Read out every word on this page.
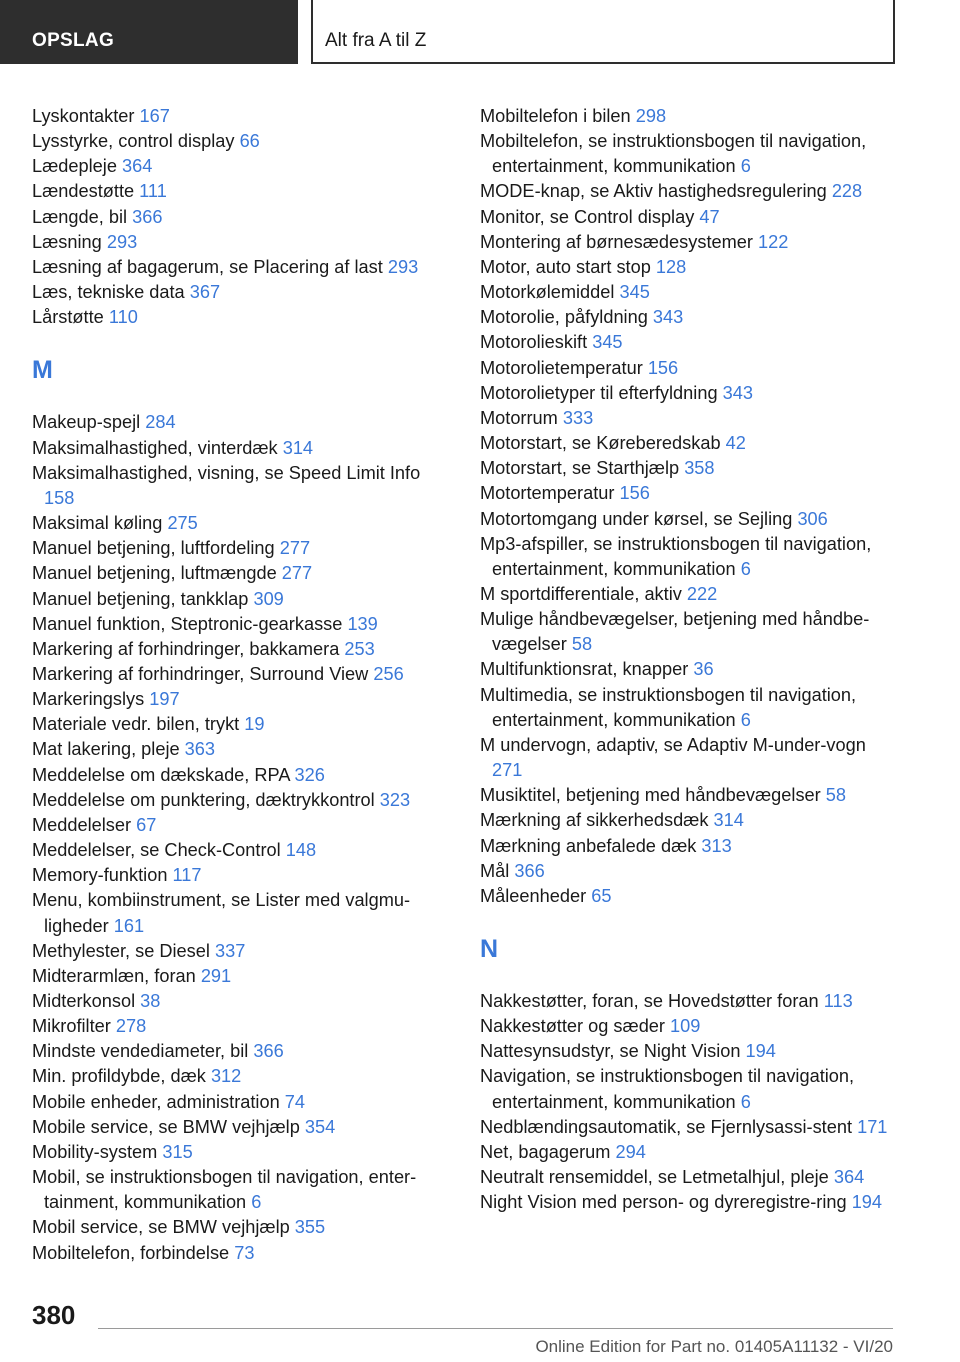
OPSLAG	Alt fra A til Z
Lyskontakter 167
Lysstyrke, control display 66
Lædepleje 364
Lændestøtte 111
Længde, bil 366
Læsning 293
Læsning af bagagerum, se Placering af last 293
Læs, tekniske data 367
Lårstøtte 110
M
Makeup-spejl 284
Maksimalhastighed, vinterdæk 314
Maksimalhastighed, visning, se Speed Limit Info 158
Maksimal køling 275
Manuel betjening, luftfordeling 277
Manuel betjening, luftmængde 277
Manuel betjening, tankklap 309
Manuel funktion, Steptronic-gearkasse 139
Markering af forhindringer, bakkamera 253
Markering af forhindringer, Surround View 256
Markeringslys 197
Materiale vedr. bilen, trykt 19
Mat lakering, pleje 363
Meddelelse om dækskade, RPA 326
Meddelelse om punktering, dæktrykkontrol 323
Meddelelser 67
Meddelelser, se Check-Control 148
Memory-funktion 117
Menu, kombiinstrument, se Lister med valgmu-ligheder 161
Methylester, se Diesel 337
Midterarmlæn, foran 291
Midterkonsol 38
Mikrofilter 278
Mindste vendediameter, bil 366
Min. profildybde, dæk 312
Mobile enheder, administration 74
Mobile service, se BMW vejhjælp 354
Mobility-system 315
Mobil, se instruktionsbogen til navigation, enter-tainment, kommunikation 6
Mobil service, se BMW vejhjælp 355
Mobiltelefon, forbindelse 73
Mobiltelefon i bilen 298
Mobiltelefon, se instruktionsbogen til navigation, entertainment, kommunikation 6
MODE-knap, se Aktiv hastighedsregulering 228
Monitor, se Control display 47
Montering af børnesædesystemer 122
Motor, auto start stop 128
Motorkølemiddel 345
Motorolie, påfyldning 343
Motorolieskift 345
Motorolietemperatur 156
Motorolietyper til efterfyldning 343
Motorrum 333
Motorstart, se Køreberedskab 42
Motorstart, se Starthjælp 358
Motortemperatur 156
Motortomgang under kørsel, se Sejling 306
Mp3-afspiller, se instruktionsbogen til navigation, entertainment, kommunikation 6
M sportdifferentiale, aktiv 222
Mulige håndbevægelser, betjening med håndbe-vægelser 58
Multifunktionsrat, knapper 36
Multimedia, se instruktionsbogen til navigation, entertainment, kommunikation 6
M undervogn, adaptiv, se Adaptiv M-under-vogn 271
Musiktitel, betjening med håndbevægelser 58
Mærkning af sikkerhedsdæk 314
Mærkning anbefalede dæk 313
Mål 366
Måleenheder 65
N
Nakkestøtter, foran, se Hovedstøtter foran 113
Nakkestøtter og sæder 109
Nattesynsudstyr, se Night Vision 194
Navigation, se instruktionsbogen til navigation, entertainment, kommunikation 6
Nedblændingsautomatik, se Fjernlysassi-stent 171
Net, bagagerum 294
Neutralt rensemiddel, se Letmetalhjul, pleje 364
Night Vision med person- og dyreregistre-ring 194
380
Online Edition for Part no. 01405A11132 - VI/20
